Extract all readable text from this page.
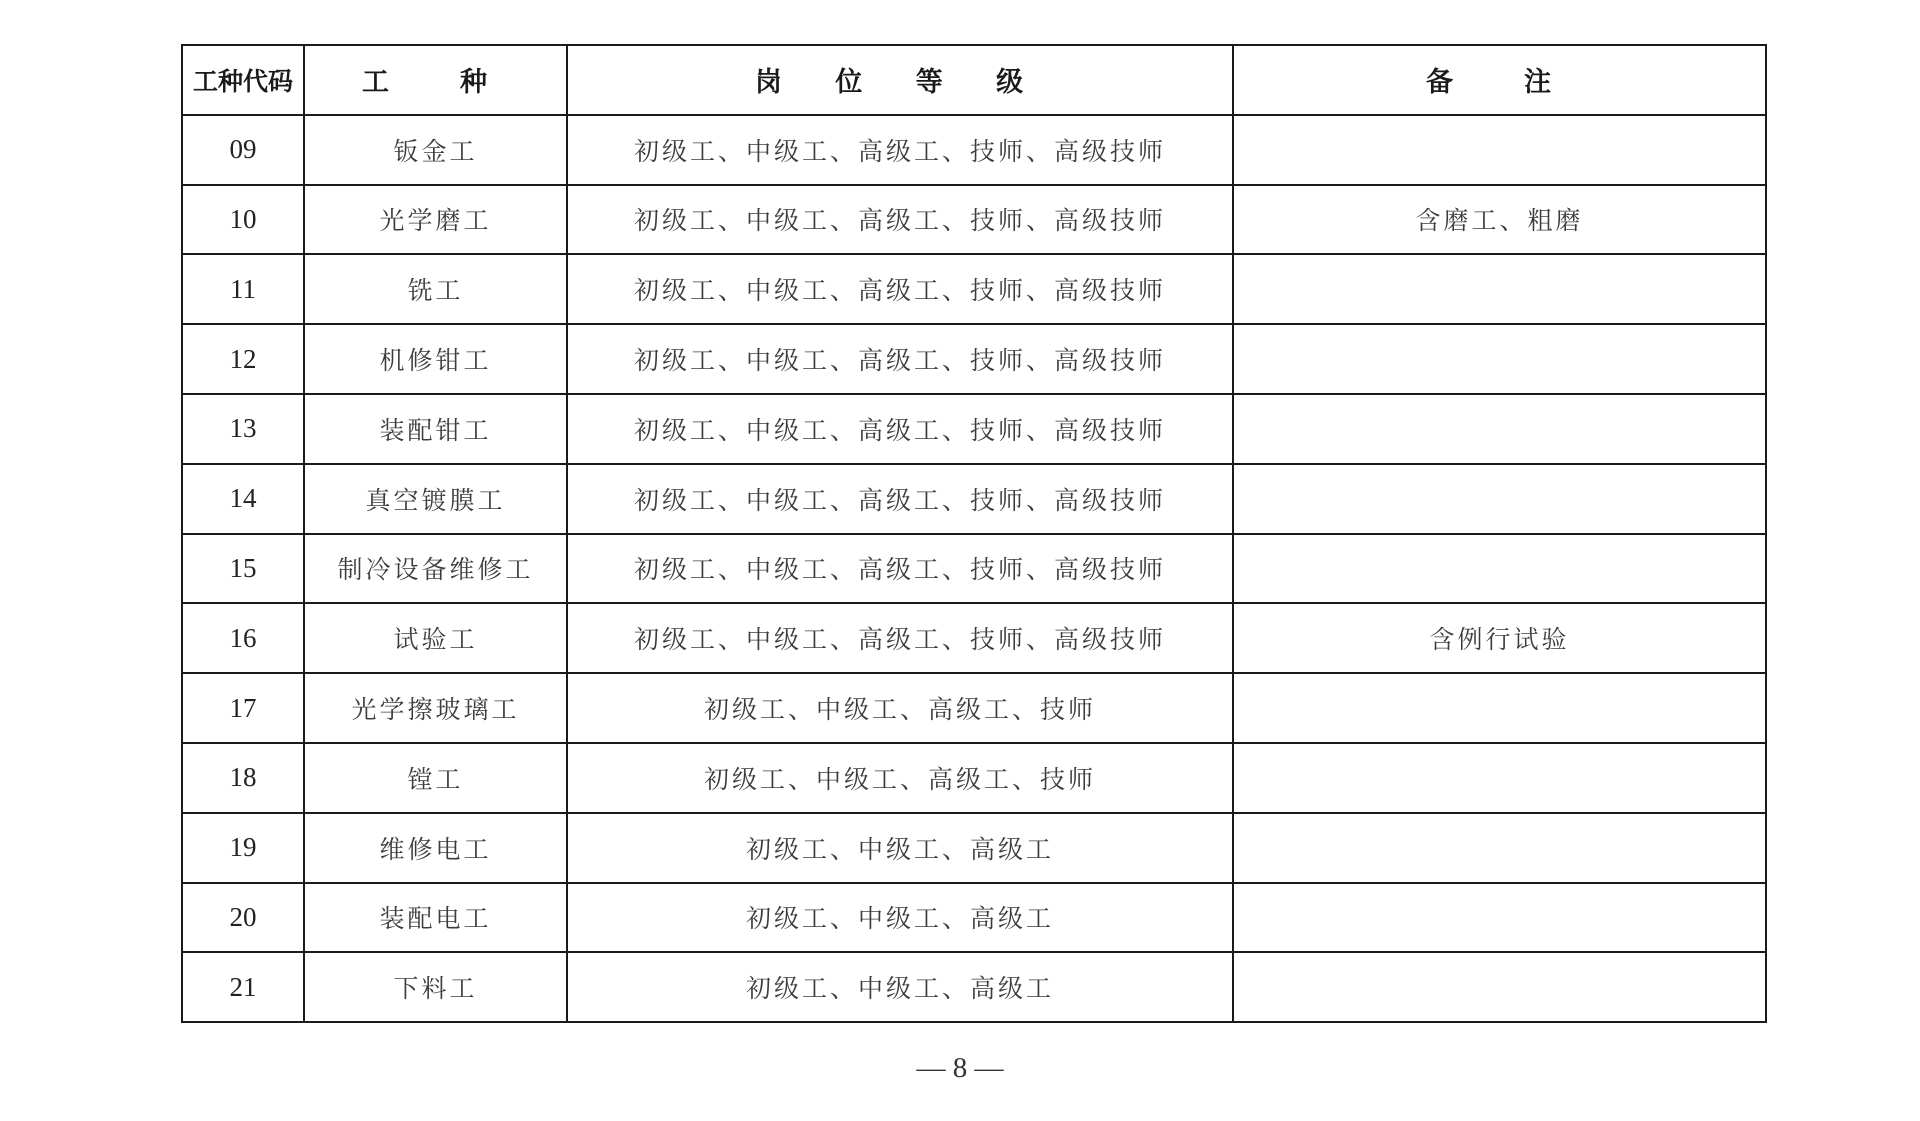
工种代码	工　种	岗 位 等 级	备　注
09	钣金工	初级工、中级工、高级工、技师、高级技师	
10	光学磨工	初级工、中级工、高级工、技师、高级技师	含磨工、粗磨
11	铣工	初级工、中级工、高级工、技师、高级技师	
12	机修钳工	初级工、中级工、高级工、技师、高级技师	
13	装配钳工	初级工、中级工、高级工、技师、高级技师	
14	真空镀膜工	初级工、中级工、高级工、技师、高级技师	
15	制冷设备维修工	初级工、中级工、高级工、技师、高级技师	
16	试验工	初级工、中级工、高级工、技师、高级技师	含例行试验
17	光学擦玻璃工	初级工、中级工、高级工、技师	
18	镗工	初级工、中级工、高级工、技师	
19	维修电工	初级工、中级工、高级工	
20	装配电工	初级工、中级工、高级工	
21	下料工	初级工、中级工、高级工	
— 8 —
